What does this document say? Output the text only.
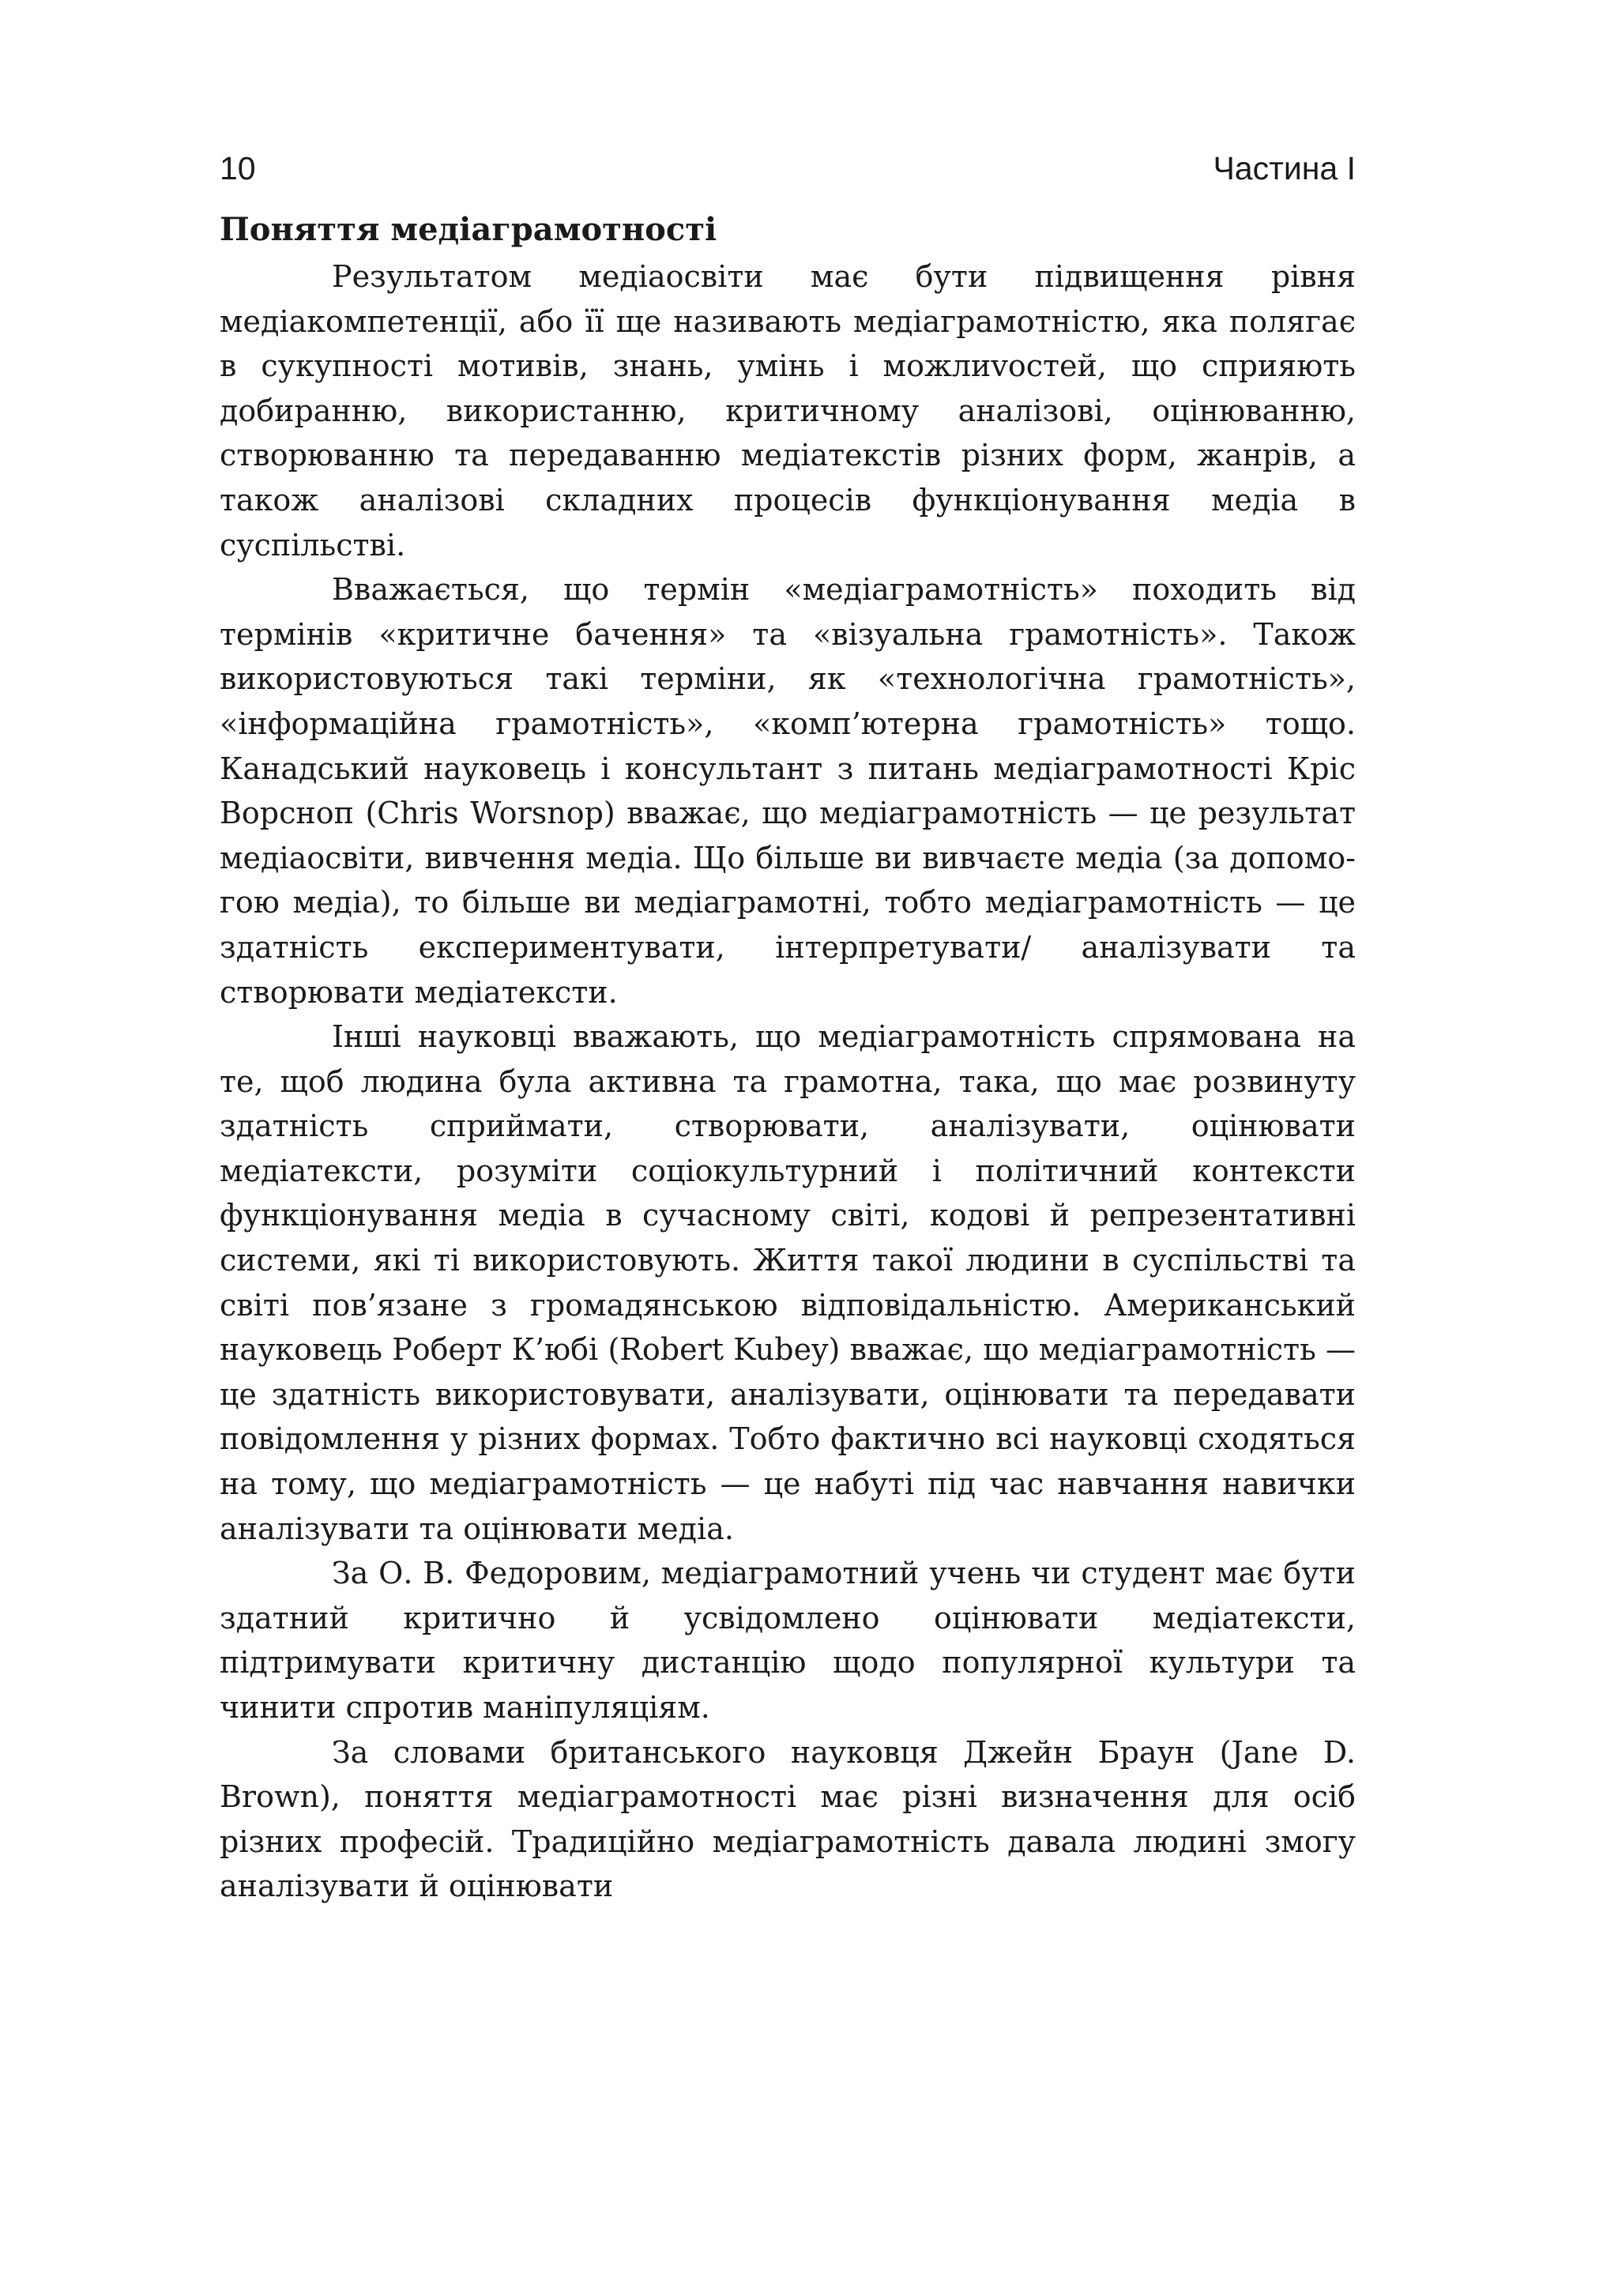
10	Частина І
Поняття медіаграмотності

Результатом медіаосвіти має бути підвищення рівня медіакомпетенції, або її ще називають медіаграмотністю, яка полягає в сукупності мотивів, знань, умінь і можлиvостей, що сприяють добиранню, використанню, критичному аналізові, оцінюванню, створюванню та передаванню медіатекстів різних форм, жанрів, а також аналізові складних процесів функціонування медіа в суспільстві.

Вважається, що термін «медіаграмотність» походить від термінів «критичне бачення» та «візуальна грамотність». Також використовуються такі терміни, як «технологічна грамотність», «інформаційна грамотність», «комп’ютерна грамотність» тощо. Канадський науковець і консультант з питань медіаграмотності Кріс Ворсноп (Chris Worsnop) вважає, що медіаграмотність — це результат медіаосвіти, вивчення медіа. Що більше ви вивчаєте медіа (за допомогою медіа), то більше ви медіаграмотні, тобто медіаграмотність — це здатність експериментувати, інтерпретувати/ аналізувати та створювати медіатексти.

Інші науковці вважають, що медіаграмотність спрямована на те, щоб людина була активна та грамотна, така, що має розвинуту здатність сприймати, створювати, аналізувати, оцінювати медіатексти, розуміти соціокультурний і політичний контексти функціонування медіа в сучасному світі, кодові й репрезентативні системи, які ті використовують. Життя такої людини в суспільстві та світі пов’язане з громадянською відповідальністю. Американський науковець Роберт К’юбі (Robert Kubey) вважає, що медіаграмотність — це здатність використовувати, аналізувати, оцінювати та передавати повідомлення у різних формах. Тобто фактично всі науковці сходяться на тому, що медіаграмотність — це набуті під час навчання навички аналізувати та оцінювати медіа.

За О. В. Федоровим, медіаграмотний учень чи студент має бути здатний критично й усвідомлено оцінювати медіатексти, підтримувати критичну дистанцію щодо популярної культури та чинити спротив маніпуляціям.

За словами британського науковця Джейн Браун (Jane D. Brown), поняття медіаграмотності має різні визначення для осіб різних професій. Традиційно медіаграмотність давала людині змогу аналізувати й оцінювати
